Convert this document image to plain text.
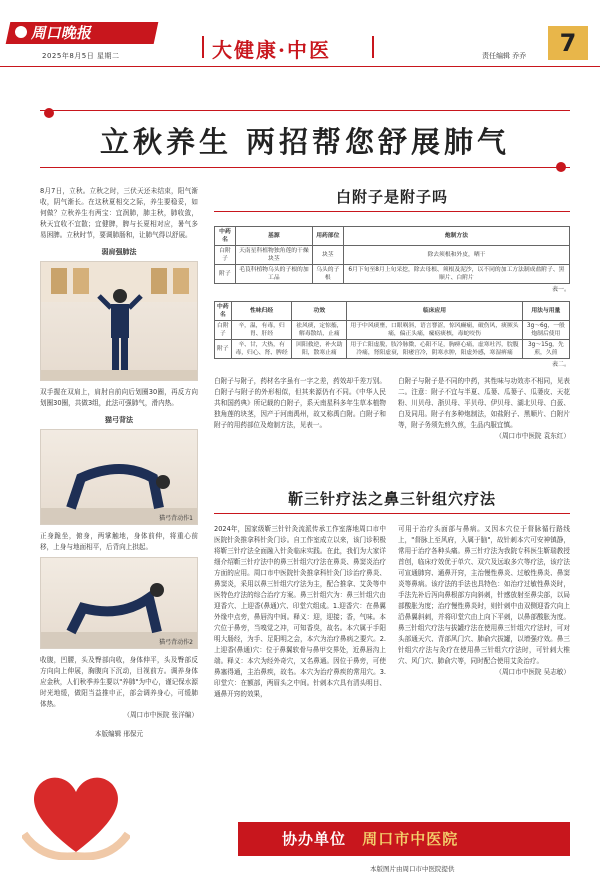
周口晚报
2025年8月5日 星期二	大健康·中医	责任编辑 乔乔	7
立秋养生 两招帮您舒展肺气

8月7日，立秋。立秋之时，三伏天还未结束，阳气渐收，阴气渐长。在这秋夏相交之际，养生要稳妥，如何做？立秋养生有两宝：宜润肺，肺主秋，肺收敛，秋天宜收不宜散；宜健脾，脾与长夏相对应，暑气多易困脾。立秋时节，要调肺肠和，让肺气得以舒展。

弱肩强肺法

双手握在双肩上，肩肘自前向后划圈30圈，再反方向划圈30圈，共做3组，此法可强肺气，滑内热。

猫弓背法
猫弓背动作1

正身跪坐，俯身，两掌触地，身体前伸，将重心前移，上身与地面相平，后背向上拱起。

猫弓背动作2

收腹，凹腰，头及臀部向收，身体伸平，头及臀部反方向向上伸展，胸腹向下沉动，目视前方。调养身体应金秋，人们秋季养生要以"养肺"为中心，谨记保水源时光地缓，做阳当益推申正，部会调养身心，可缓肺体热。

（周口市中医院 张洋编）

本版编辑 邢保元

白附子是附子吗
中药名	基源	用药部位	炮制方法
白附子	天南星科植物独角莲的干燥块茎	块茎	除去须根和外皮，晒干
附子	毛茛科植物乌头的子根的加工品	乌头的子根	6月下旬至8月上旬采挖，除去母根、须根及泥沙，以不同的加工方法制成盐附子、黑顺片、白附片
表一。
中药名	性味归经	功效	临床应用	用法与用量
白附子	辛，温，有毒，归胃、肝经	祛风痰，定惊搐，解毒散结，止痛	用于中风痰壅，口眼㖞斜，语言謇涩，惊风癫痫，破伤风，痰厥头痛，偏正头痛，瘰疬痰核，毒蛇咬伤	3g～6g，一般炮制后使用
附子	辛、甘，大热，有毒，归心、肾、脾经	回阳救逆，补火助阳，散寒止痛	用于亡阳虚脱，肢冷脉微，心阳不足，胸痹心痛，虚寒吐泻，脘腹冷痛，肾阳虚衰，阳痿宫冷，阴寒水肿，阳虚外感，寒湿痹痛	3g～15g，先煎，久煎
表二。

白附子与附子，药材名字虽有一字之差，药效却千差万别。白附子与附子的外形相似，但其来源仍有不同。《中华人民共和国药典》所记载的白附子，系天南星科多年生草本植物独角莲的块茎，因产于河南禹州，故又称禹白附。白附子和附子的用药部位及炮制方法，见表一。

白附子与附子是不同的中药，其性味与功效亦不相同，见表二。注意：附子不宜与半夏、瓜蒌、瓜蒌子、瓜蒌皮、天花粉、川贝母、浙贝母、平贝母、伊贝母、湖北贝母、白蔹、白及同用。附子有多种炮制法，如盐附子、黑顺片、白附片等，附子务须先煎久煎，生品内服宜慎。

（周口市中医院 袁东红）

靳三针疗法之鼻三针组穴疗法

2024年，国家级靳三针针灸流派传承工作室落地周口市中医院针灸推拿科针灸门诊。自工作室成立以来，该门诊积极将靳三针疗法全面融入针灸临床实践。在此，我们为大家详细介绍靳三针疗法中的鼻三针组穴疗法在鼻炎、鼻窦炎治疗方面的应用。周口市中医院针灸推拿科针灸门诊治疗鼻炎、鼻窦炎，采用以鼻三针组穴疗法为主，配合推拿、艾灸等中医特色疗法的综合治疗方案。鼻三针组穴为：鼻三针组穴由迎香穴、上迎香(鼻通)穴、印堂穴组成。1.迎香穴：在鼻翼外缘中点旁，鼻唇沟中间。释义：迎，迎接；香，气味。本穴位于鼻旁，当嗅觉之冲，可知香臭，故名。本穴属于手阳明大肠经，为手、足阳明之会，本穴为治疗鼻病之要穴。2.上迎香(鼻通)穴：位于鼻翼软骨与鼻甲交界处，近鼻唇沟上端。释义：本穴为经外奇穴，又名鼻通。因位于鼻旁，可使鼻塞得通，主治鼻疾，故名。本穴为治疗鼻疾的常用穴。3.印堂穴：在额部，两眉头之中间。针刺本穴具有清头明目、通鼻开窍的效果，

可用于治疗头面部与鼻病。又因本穴位于督脉循行路线上，"督脉上至风府，入属于脑"，故针刺本穴可安神镇静，常用于治疗各种头痛。鼻三针疗法为我院专科医生靳瑞教授首创，临床疗效优于单穴、双穴及远取多穴等疗法，该疗法可宣通肺窍、通鼻开窍，主治慢性鼻炎、过敏性鼻炎、鼻窦炎等鼻病。该疗法的手法也具特色：如治疗过敏性鼻炎时，手法先补后泻向鼻根部方向斜刺，针感放射至鼻尖部，以局部酸胀为度；治疗慢性鼻炎时，则针刺中由双侧迎香穴向上沿鼻翼斜刺，并将印堂穴由上向下平刺，以鼻部酸胀为度。鼻三针组穴疗法与拔罐疗法在使用鼻三针组穴疗法时，可对头部通天穴、背部风门穴、肺俞穴拔罐，以增强疗效。鼻三针组穴疗法与灸疗在使用鼻三针组穴疗法时，可针刺大椎穴、风门穴、肺俞穴等，同时配合使用艾灸治疗。

（周口市中医院 吴志敏）

协办单位 周口市中医院
本版图片由周口市中医院提供
